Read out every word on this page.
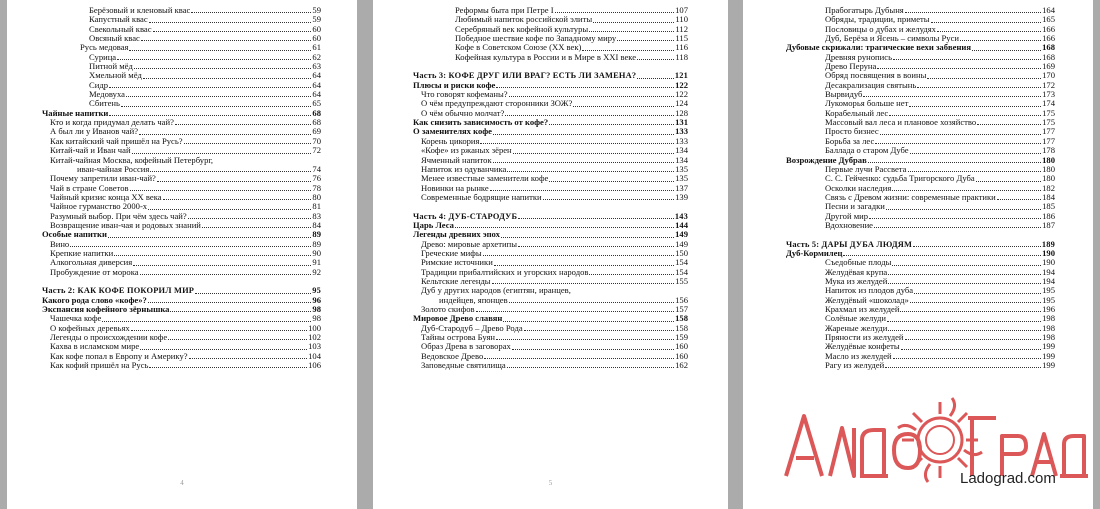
Берёзовый и кленовый квас	59
Капустный квас	59
Свекольный квас	60
Овсяный квас	60
Русь медовая	61
Сурица	62
Питной мёд	63
Хмельной мёд	64
Сидр	64
Медовуха	64
Сбитень	65
Чайные напитки	68
Кто и когда придумал делать чай?	68
А был ли у Иванов чай?	69
Как китайский чай пришёл на Русь?	70
Китай-чай и Иван чай	72
Китай-чайная Москва, кофейный Петербург,
иван-чайная Россия	74
Почему запретили иван-чай?	76
Чай в стране Советов	78
Чайный кризис конца XX века	80
Чайное гурманство 2000-х	81
Разумный выбор. При чём здесь чай?	83
Возвращение иван-чая и родовых знаний	84
Особые напитки	89
Вино	89
Крепкие напитки	90
Алкогольная диверсия	91
Пробуждение от морока	92
Часть 2: КАК КОФЕ ПОКОРИЛ МИР	95
Какого рода слово «кофе»?	96
Экспансия кофейного зёрнышка	98
Чашечка кофе	98
О кофейных деревьях	100
Легенды о происхождении кофе	102
Кахва в исламском мире	103
Как кофе попал в Европу и Америку?	104
Как кофий пришёл на Русь	106
4
Реформы быта при Петре I	107
Любимый напиток российской элиты	110
Серебряный век кофейной культуры	112
Победное шествие кофе по Западному миру	115
Кофе в Советском Союзе (XX век)	116
Кофейная культура в России и в Мире в XXI веке	118
Часть 3: КОФЕ ДРУГ ИЛИ ВРАГ? ЕСТЬ ЛИ ЗАМЕНА?	121
Плюсы и риски кофе	122
Что говорят кофеманы?	122
О чём предупреждают сторонники ЗОЖ?	124
О чём обычно молчат?	128
Как снизить зависимость от кофе?	131
О заменителях кофе	133
Корень цикория	133
«Кофе» из ржаных зёрен	134
Ячменный напиток	134
Напиток из одуванчика	135
Менее известные заменители кофе	135
Новинки на рынке	137
Современные бодрящие напитки	139
Часть 4: ДУБ-СТАРОДУБ	143
Царь Леса	144
Легенды древних эпох	149
Древо: мировые архетипы	149
Греческие мифы	150
Римские источники	154
Традиции прибалтийских и угорских народов	154
Кельтские легенды	155
Дуб у других народов (египтян, иранцев,
индейцев, японцев	156
Золото скифов	157
Мировое Древо славян	158
Дуб-Стародуб – Древо Рода	158
Тайны острова Буян	159
Образ Древа в заговорах	160
Ведовское Древо	160
Заповедные святилища	162
5
Прабогатырь Дубыня	164
Обряды, традиции, приметы	165
Пословицы о дубах и желудях	166
Дуб, Берёза и Ясень – символы Руси	166
Дубовые скрижали: трагические вехи забвения	168
Древняя рунопись	168
Древо Перуна	169
Обряд посвящения в воины	170
Десакрализация святынь	172
Вырвидуб	173
Лукоморья больше нет	174
Корабельный лес	175
Массовый вал леса и плановое хозяйство	175
Просто бизнес	177
Борьба за лес	177
Баллада о старом Дубе	178
Возрождение Дубрав	180
Первые лучи Рассвета	180
С. С. Гейченко: судьба Тригорского Дуба	180
Осколки наследия	182
Связь с Древом жизни: современные практики	184
Песни и загадки	185
Другой мир	186
Вдохновение	187
Часть 5: ДАРЫ ДУБА ЛЮДЯМ	189
Дуб-Кормилец	190
Съедобные плоды	190
Желудёвая крупа	194
Мука из желудей	194
Напиток из плодов дуба	195
Желудёвый «шоколад»	195
Крахмал из желудей	196
Солёные желуди	198
Жареные желуди	198
Пряности из желудей	198
Желудёвые конфеты	199
Масло из желудей	199
Рагу из желудей	199
Ladograd.com
